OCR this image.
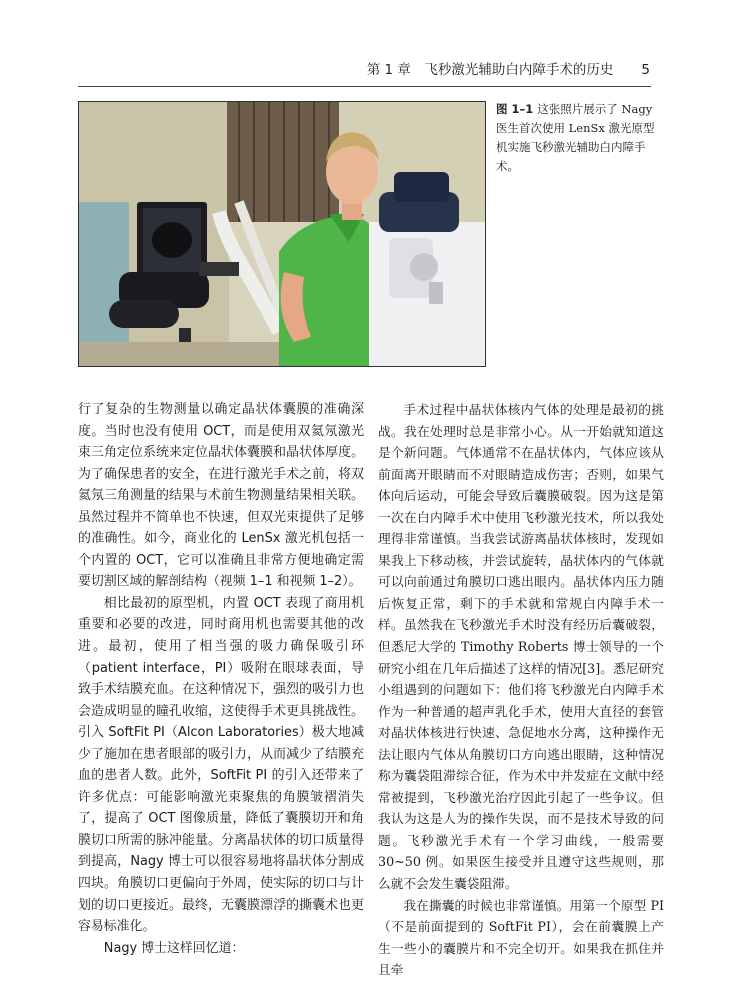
第 1 章　飞秒激光辅助白内障手术的历史 5
图 1–1 这张照片展示了 Nagy 医生首次使用 LenSx 激光原型机实施飞秒激光辅助白内障手术。

行了复杂的生物测量以确定晶状体囊膜的准确深度。当时也没有使用 OCT，而是使用双氦氖激光束三角定位系统来定位晶状体囊膜和晶状体厚度。为了确保患者的安全，在进行激光手术之前，将双氦氖三角测量的结果与术前生物测量结果相关联。虽然过程并不简单也不快速，但双光束提供了足够的准确性。如今，商业化的 LenSx 激光机包括一个内置的 OCT，它可以准确且非常方便地确定需要切割区域的解剖结构（视频 1–1 和视频 1–2）。

相比最初的原型机，内置 OCT 表现了商用机重要和必要的改进，同时商用机也需要其他的改进。最初，使用了相当强的吸力确保吸引环（patient interface，PI）吸附在眼球表面，导致手术结膜充血。在这种情况下，强烈的吸引力也会造成明显的瞳孔收缩，这使得手术更具挑战性。引入 SoftFit PI（Alcon Laboratories）极大地减少了施加在患者眼部的吸引力，从而减少了结膜充血的患者人数。此外，SoftFit PI 的引入还带来了许多优点：可能影响激光束聚焦的角膜皱褶消失了，提高了 OCT 图像质量，降低了囊膜切开和角膜切口所需的脉冲能量。分离晶状体的切口质量得到提高，Nagy 博士可以很容易地将晶状体分割成四块。角膜切口更偏向于外周，使实际的切口与计划的切口更接近。最终，无囊膜漂浮的撕囊术也更容易标准化。

Nagy 博士这样回忆道：

手术过程中晶状体核内气体的处理是最初的挑战。我在处理时总是非常小心。从一开始就知道这是个新问题。气体通常不在晶状体内，气体应该从前面离开眼睛而不对眼睛造成伤害；否则，如果气体向后运动，可能会导致后囊膜破裂。因为这是第一次在白内障手术中使用飞秒激光技术，所以我处理得非常谨慎。当我尝试游离晶状体核时，发现如果我上下移动核，并尝试旋转，晶状体内的气体就可以向前通过角膜切口逃出眼内。晶状体内压力随后恢复正常，剩下的手术就和常规白内障手术一样。虽然我在飞秒激光手术时没有经历后囊破裂，但悉尼大学的 Timothy Roberts 博士领导的一个研究小组在几年后描述了这样的情况[3]。悉尼研究小组遇到的问题如下：他们将飞秒激光白内障手术作为一种普通的超声乳化手术，使用大直径的套管对晶状体核进行快速、急促地水分离，这种操作无法让眼内气体从角膜切口方向逃出眼睛，这种情况称为囊袋阻滞综合征，作为术中并发症在文献中经常被提到，飞秒激光治疗因此引起了一些争议。但我认为这是人为的操作失误，而不是技术导致的问题。飞秒激光手术有一个学习曲线，一般需要 30~50 例。如果医生接受并且遵守这些规则，那么就不会发生囊袋阻滞。

我在撕囊的时候也非常谨慎。用第一个原型 PI（不是前面提到的 SoftFit PI），会在前囊膜上产生一些小的囊膜片和不完全切开。如果我在抓住并且牵
